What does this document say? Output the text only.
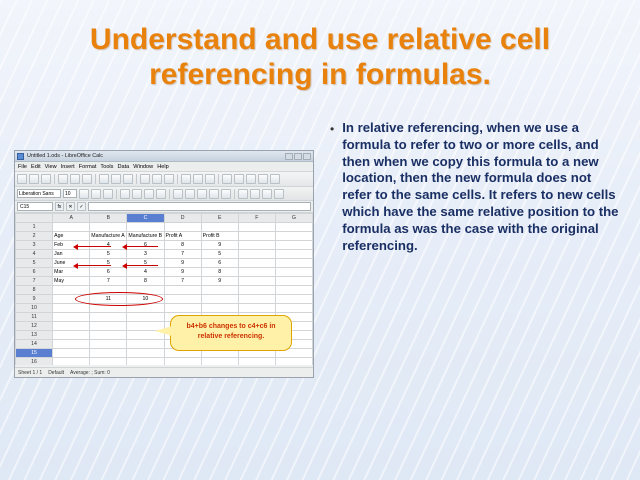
Understand and use relative cell referencing in formulas.
• In relative referencing, when we use a formula to refer to two or more cells, and then when we copy this formula to a new location, then the new formula does not refer to the same cells. It refers to new cells which have the same relative position to the formula as was the case with the original referencing.
Untitled 1.ods - LibreOffice Calc
File Edit View Insert Format Tools Data Window Help
Liberation Sans	10
C15	fx	✕	✓
	A	B	C	D	E	F	G
1							
2	Age	Manufacture A	Manufacture B	Profit A	Profit B		
3	Feb	4	6	8	9		
4	Jan	5	3	7	5		
5	June	5	5	9	6		
6	Mar	6	4	9	8		
7	May	7	8	7	9		
8							
9		11	10				
10							
11							
12							
13							
14							
15							
16							
Sheet 1 / 1 Default Average: ; Sum: 0
b4+b6 changes to c4+c6 in relative referencing.
